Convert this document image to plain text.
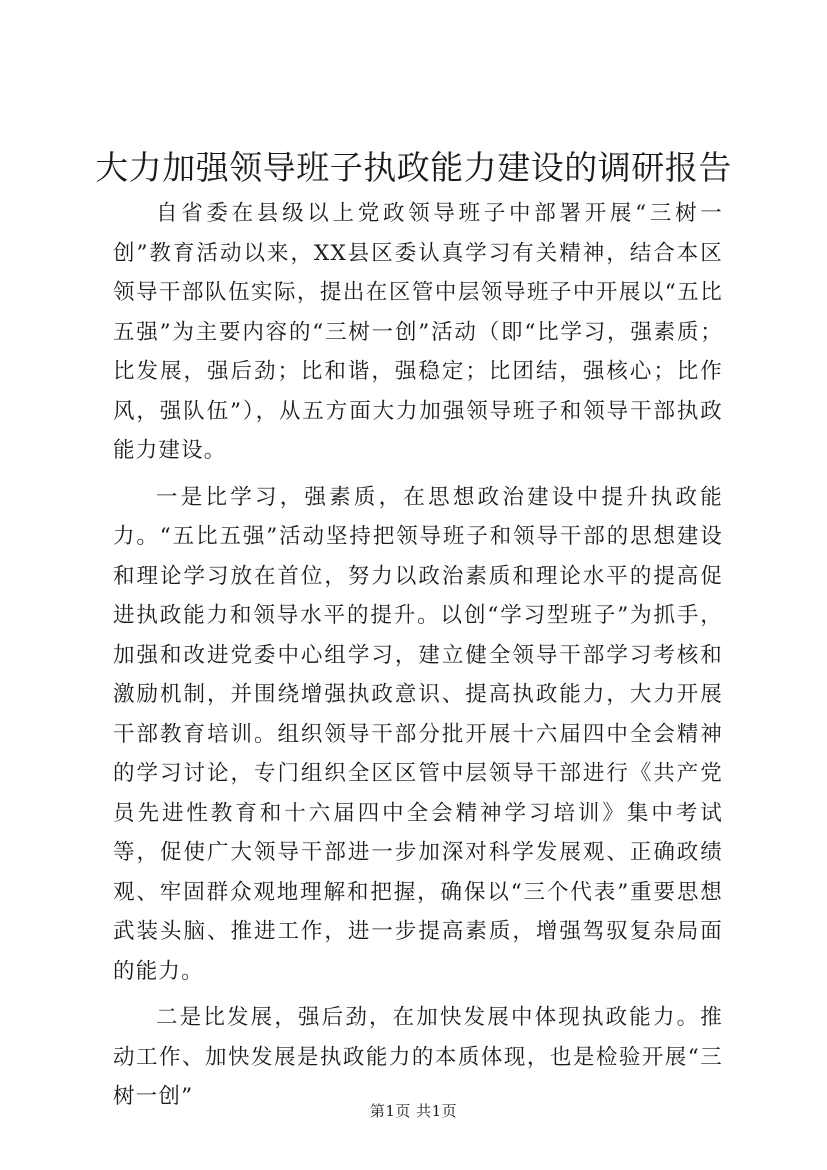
大力加强领导班子执政能力建设的调研报告

自省委在县级以上党政领导班子中部署开展“三树一创”教育活动以来，XX县区委认真学习有关精神，结合本区领导干部队伍实际，提出在区管中层领导班子中开展以“五比五强”为主要内容的“三树一创”活动（即“比学习，强素质；比发展，强后劲；比和谐，强稳定；比团结，强核心；比作风，强队伍”），从五方面大力加强领导班子和领导干部执政能力建设。

一是比学习，强素质，在思想政治建设中提升执政能力。“五比五强”活动坚持把领导班子和领导干部的思想建设和理论学习放在首位，努力以政治素质和理论水平的提高促进执政能力和领导水平的提升。以创“学习型班子”为抓手，加强和改进党委中心组学习，建立健全领导干部学习考核和激励机制，并围绕增强执政意识、提高执政能力，大力开展干部教育培训。组织领导干部分批开展十六届四中全会精神的学习讨论，专门组织全区区管中层领导干部进行《共产党员先进性教育和十六届四中全会精神学习培训》集中考试等，促使广大领导干部进一步加深对科学发展观、正确政绩观、牢固群众观地理解和把握，确保以“三个代表”重要思想武装头脑、推进工作，进一步提高素质，增强驾驭复杂局面的能力。

二是比发展，强后劲，在加快发展中体现执政能力。推动工作、加快发展是执政能力的本质体现，也是检验开展“三树一创”

第1页 共1页
